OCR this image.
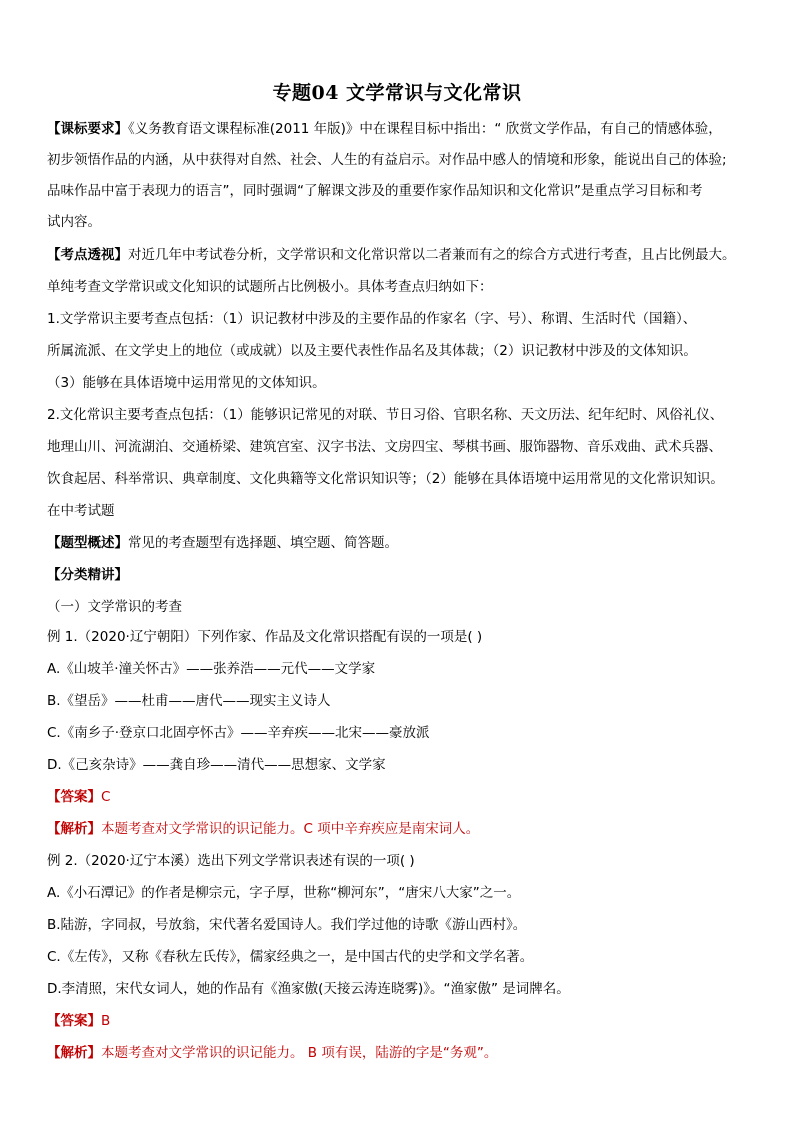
专题04 文学常识与文化常识
【课标要求】《义务教育语文课程标准(2011 年版)》中在课程目标中指出：“ 欣赏文学作品，有自己的情感体验，
初步领悟作品的内涵，从中获得对自然、社会、人生的有益启示。对作品中感人的情境和形象，能说出自己的体验;
品味作品中富于表现力的语言”，同时强调“了解课文涉及的重要作家作品知识和文化常识”是重点学习目标和考
试内容。
【考点透视】对近几年中考试卷分析，文学常识和文化常识常以二者兼而有之的综合方式进行考查，且占比例最大。
单纯考查文学常识或文化知识的试题所占比例极小。具体考查点归纳如下：
1.文学常识主要考查点包括：（1）识记教材中涉及的主要作品的作家名（字、号）、称谓、生活时代（国籍）、
所属流派、在文学史上的地位（或成就）以及主要代表性作品名及其体裁；（2）识记教材中涉及的文体知识。
（3）能够在具体语境中运用常见的文体知识。
2.文化常识主要考查点包括：（1）能够识记常见的对联、节日习俗、官职名称、天文历法、纪年纪时、风俗礼仪、
地理山川、河流湖泊、交通桥梁、建筑宫室、汉字书法、文房四宝、琴棋书画、服饰器物、音乐戏曲、武术兵器、
饮食起居、科举常识、典章制度、文化典籍等文化常识知识等；（2）能够在具体语境中运用常见的文化常识知识。
在中考试题
【题型概述】常见的考查题型有选择题、填空题、简答题。
【分类精讲】
（一）文学常识的考查
例 1.（2020·辽宁朝阳）下列作家、作品及文化常识搭配有误的一项是( )
A.《山坡羊·潼关怀古》——张养浩——元代——文学家
B.《望岳》——杜甫——唐代——现实主义诗人
C.《南乡子·登京口北固亭怀古》——辛弃疾——北宋——豪放派
D.《己亥杂诗》——龚自珍——清代——思想家、文学家
【答案】C
【解析】本题考查对文学常识的识记能力。C 项中辛弃疾应是南宋词人。
例 2.（2020·辽宁本溪）选出下列文学常识表述有误的一项( )
A.《小石潭记》的作者是柳宗元，字子厚，世称“柳河东”，“唐宋八大家”之一。
B.陆游，字同叔，号放翁，宋代著名爱国诗人。我们学过他的诗歌《游山西村》。
C.《左传》，又称《春秋左氏传》，儒家经典之一，是中国古代的史学和文学名著。
D.李清照，宋代女词人，她的作品有《渔家傲(天接云涛连晓雾)》。“渔家傲” 是词牌名。
【答案】B
【解析】本题考查对文学常识的识记能力。 B 项有误，陆游的字是“务观”。
